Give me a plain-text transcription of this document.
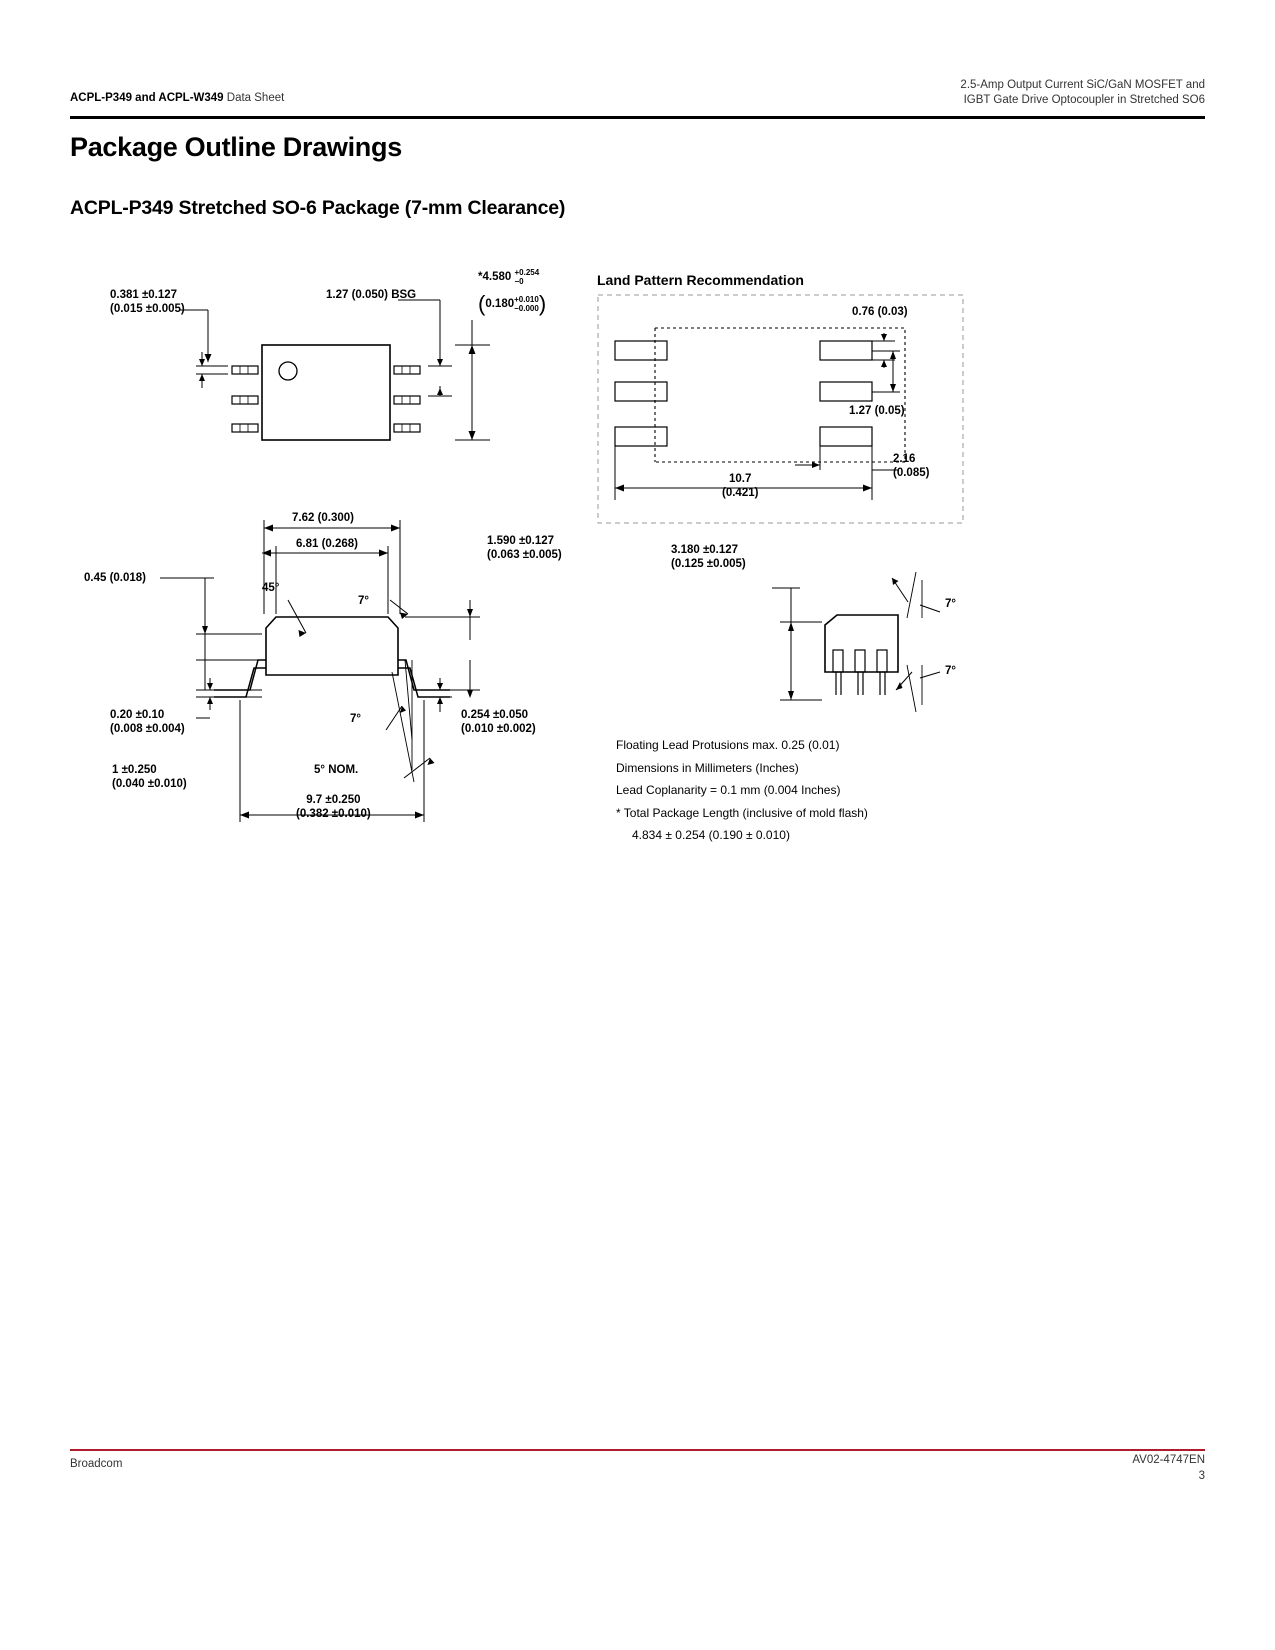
ACPL-P349 and ACPL-W349 Data Sheet
2.5-Amp Output Current SiC/GaN MOSFET and
IGBT Gate Drive Optocoupler in Stretched SO6
Package Outline Drawings
ACPL-P349 Stretched SO-6 Package (7-mm Clearance)
0.381 ±0.127
(0.015 ±0.005)
1.27 (0.050) BSG
*4.580 +0.254
−0
(0.180 +0.010
−0.000 )
Land Pattern Recommendation
0.76 (0.03)
1.27 (0.05)
2.16
(0.085)
10.7
(0.421)
7.62 (0.300)
6.81 (0.268)	1.590 ±0.127
(0.063 ±0.005)
0.45 (0.018)
45°
7°
0.20 ±0.10
(0.008 ±0.004)
7°	0.254 ±0.050
(0.010 ±0.002)
1 ±0.250
(0.040 ±0.010)
5° NOM.
9.7 ±0.250
(0.382 ±0.010)
3.180 ±0.127
(0.125 ±0.005)
7°
7°
Floating Lead Protusions max. 0.25 (0.01)
Dimensions in Millimeters (Inches)
Lead Coplanarity = 0.1 mm (0.004 Inches)
* Total Package Length (inclusive of mold flash)
4.834 ± 0.254 (0.190 ± 0.010)
Broadcom	AV02-4747EN
3
